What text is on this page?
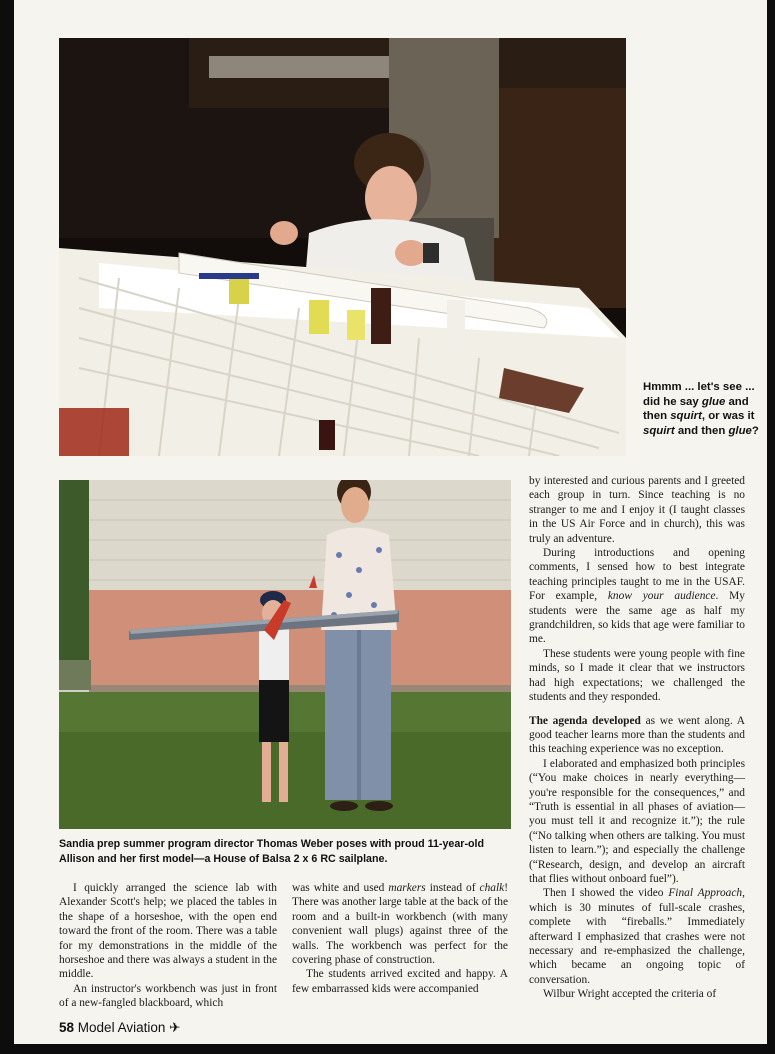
Hmmm ... let's see ... did he say glue and then squirt, or was it squirt and then glue?
Sandia prep summer program director Thomas Weber poses with proud 11-year-old Allison and her first model—a House of Balsa 2 x 6 RC sailplane.

I quickly arranged the science lab with Alexander Scott's help; we placed the tables in the shape of a horseshoe, with the open end toward the front of the room. There was a table for my demonstrations in the middle of the horseshoe and there was always a student in the middle.

An instructor's workbench was just in front of a new-fangled blackboard, which

was white and used markers instead of chalk! There was another large table at the back of the room and a built-in workbench (with many convenient wall plugs) against three of the walls. The workbench was perfect for the covering phase of construction.

The students arrived excited and happy. A few embarrassed kids were accompanied

by interested and curious parents and I greeted each group in turn. Since teaching is no stranger to me and I enjoy it (I taught classes in the US Air Force and in church), this was truly an adventure.

During introductions and opening comments, I sensed how to best integrate teaching principles taught to me in the USAF. For example, know your audience. My students were the same age as half my grandchildren, so kids that age were familiar to me.

These students were young people with fine minds, so I made it clear that we instructors had high expectations; we challenged the students and they responded.

The agenda developed as we went along. A good teacher learns more than the students and this teaching experience was no exception.

I elaborated and emphasized both principles (“You make choices in nearly everything—you're responsible for the consequences,” and “Truth is essential in all phases of aviation—you must tell it and recognize it.”); the rule (“No talking when others are talking. You must listen to learn.”); and especially the challenge (“Research, design, and develop an aircraft that flies without onboard fuel”).

Then I showed the video Final Approach, which is 30 minutes of full-scale crashes, complete with “fireballs.” Immediately afterward I emphasized that crashes were not necessary and re-emphasized the challenge, which became an ongoing topic of conversation.

Wilbur Wright accepted the criteria of

58 Model Aviation ✈
